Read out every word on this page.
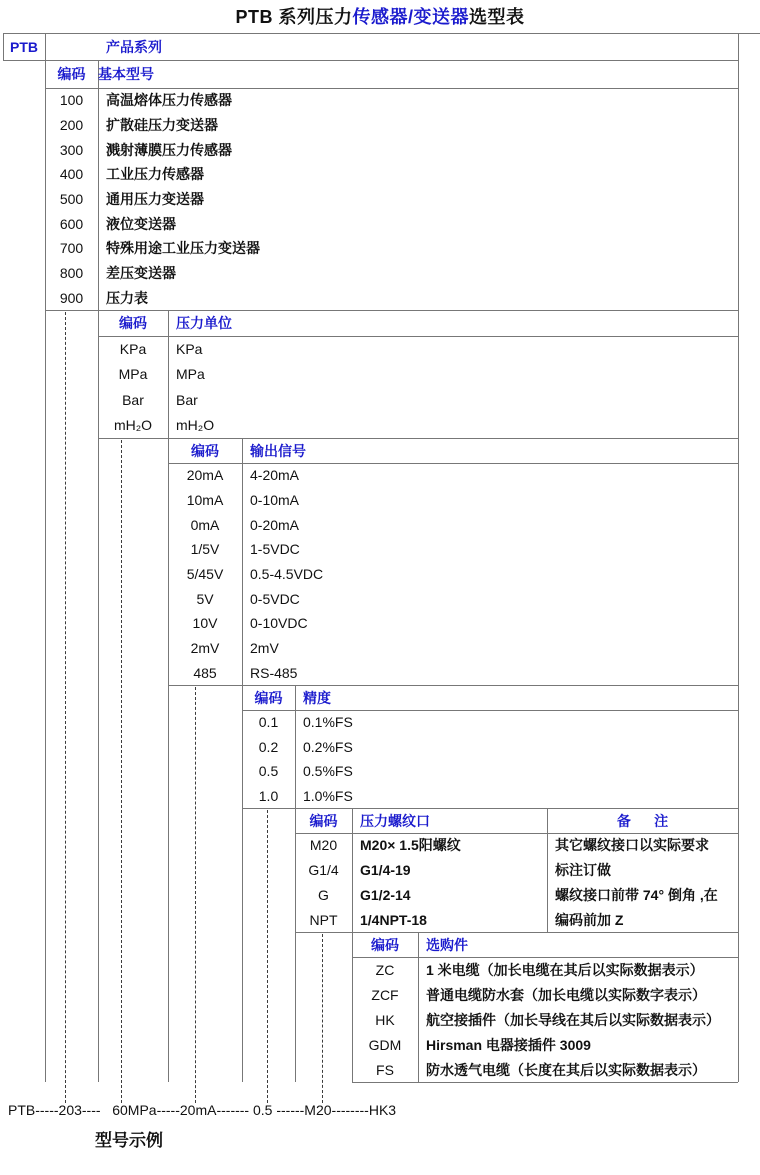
PTB 系列压力传感器/变送器选型表
PTB	产品系列
编码 基本型号
100	高温熔体压力传感器
200	扩散硅压力变送器
300	溅射薄膜压力传感器
400	工业压力传感器
500	通用压力变送器
600	液位变送器
700	特殊用途工业压力变送器
800	差压变送器
900	压力表
编码	压力单位
KPa	KPa
MPa	MPa
Bar	Bar
mH₂O	mH₂O
编码	输出信号
20mA	4-20mA
10mA	0-10mA
0mA	0-20mA
1/5V	1-5VDC
5/45V	0.5-4.5VDC
5V	0-5VDC
10V	0-10VDC
2mV	2mV
485	RS-485
编码	精度
0.1	0.1%FS
0.2	0.2%FS
0.5	0.5%FS
1.0	1.0%FS
编码	压力螺纹口	备      注
M20	M20× 1.5阳螺纹	其它螺纹接口以实际要求
G1/4	G1/4-19	标注订做
G	G1/2-14	螺纹接口前带 74° 倒角 ,在
NPT	1/4NPT-18	编码前加 Z
编码	选购件
ZC	1 米电缆（加长电缆在其后以实际数据表示）
ZCF	普通电缆防水套（加长电缆以实际数字表示）
HK	航空接插件（加长导线在其后以实际数据表示）
GDM	Hirsman 电器接插件 3009
FS	防水透气电缆（长度在其后以实际数据表示）
PTB-----203----   60MPa-----20mA------- 0.5 ------M20--------HK3
型号示例
